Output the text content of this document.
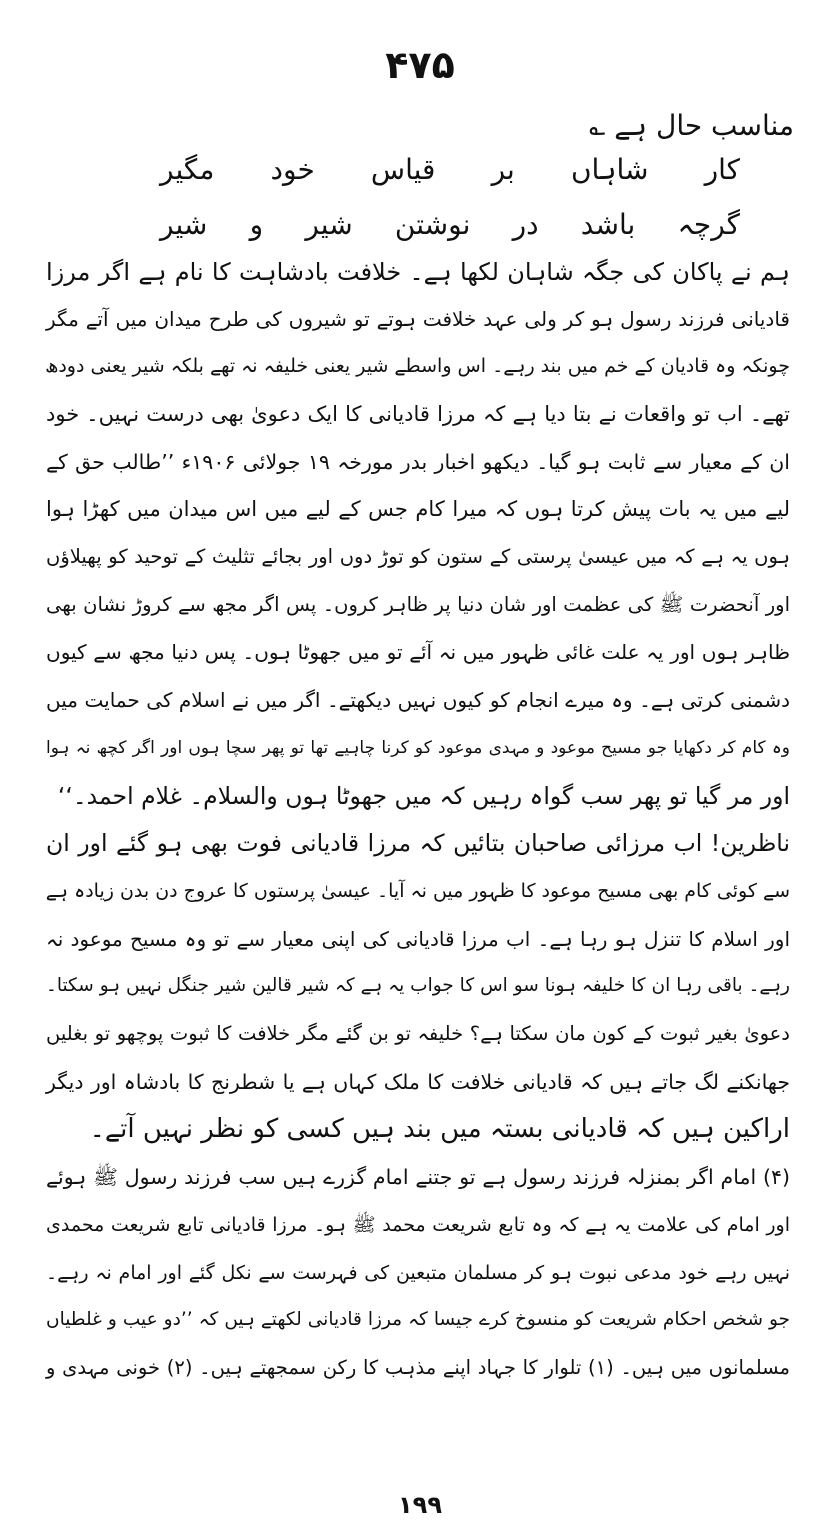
۴۷۵
مناسب حال ہے ؎
کار شاہاں بر قیاس خود مگیر
گرچہ باشد در نوشتن شیر و شیر
ہم نے پاکان کی جگہ شاہان لکھا ہے۔ خلافت بادشاہت کا نام ہے اگر مرزا
قادیانی فرزند رسول ہو کر ولی عہد خلافت ہوتے تو شیروں کی طرح میدان میں آتے مگر
چونکہ وہ قادیان کے خم میں بند رہے۔ اس واسطے شیر یعنی خلیفہ نہ تھے بلکہ شیر یعنی دودھ
تھے۔ اب تو واقعات نے بتا دیا ہے کہ مرزا قادیانی کا ایک دعویٰ بھی درست نہیں۔ خود
ان کے معیار سے ثابت ہو گیا۔ دیکھو اخبار بدر مورخہ ۱۹ جولائی ۱۹۰۶ء ’’طالب حق کے
لیے میں یہ بات پیش کرتا ہوں کہ میرا کام جس کے لیے میں اس میدان میں کھڑا ہوا
ہوں یہ ہے کہ میں عیسیٰ پرستی کے ستون کو توڑ دوں اور بجائے تثلیث کے توحید کو پھیلاؤں
اور آنحضرت ﷺ کی عظمت اور شان دنیا پر ظاہر کروں۔ پس اگر مجھ سے کروڑ نشان بھی
ظاہر ہوں اور یہ علت غائی ظہور میں نہ آئے تو میں جھوٹا ہوں۔ پس دنیا مجھ سے کیوں
دشمنی کرتی ہے۔ وہ میرے انجام کو کیوں نہیں دیکھتے۔ اگر میں نے اسلام کی حمایت میں
وہ کام کر دکھایا جو مسیح موعود و مہدی موعود کو کرنا چاہیے تھا تو پھر سچا ہوں اور اگر کچھ نہ ہوا
اور مر گیا تو پھر سب گواہ رہیں کہ میں جھوٹا ہوں والسلام۔ غلام احمد۔‘‘
ناظرین! اب مرزائی صاحبان بتائیں کہ مرزا قادیانی فوت بھی ہو گئے اور ان
سے کوئی کام بھی مسیح موعود کا ظہور میں نہ آیا۔ عیسیٰ پرستوں کا عروج دن بدن زیادہ ہے
اور اسلام کا تنزل ہو رہا ہے۔ اب مرزا قادیانی کی اپنی معیار سے تو وہ مسیح موعود نہ
رہے۔ باقی رہا ان کا خلیفہ ہونا سو اس کا جواب یہ ہے کہ شیر قالین شیر جنگل نہیں ہو سکتا۔
دعویٰ بغیر ثبوت کے کون مان سکتا ہے؟ خلیفہ تو بن گئے مگر خلافت کا ثبوت پوچھو تو بغلیں
جھانکنے لگ جاتے ہیں کہ قادیانی خلافت کا ملک کہاں ہے یا شطرنج کا بادشاہ اور دیگر
اراکین ہیں کہ قادیانی بستہ میں بند ہیں کسی کو نظر نہیں آتے۔
(۴) امام اگر بمنزلہ فرزند رسول ہے تو جتنے امام گزرے ہیں سب فرزند رسول ﷺ ہوئے
اور امام کی علامت یہ ہے کہ وہ تابع شریعت محمد ﷺ ہو۔ مرزا قادیانی تابع شریعت محمدی
نہیں رہے خود مدعی نبوت ہو کر مسلمان متبعین کی فہرست سے نکل گئے اور امام نہ رہے۔
جو شخص احکام شریعت کو منسوخ کرے جیسا کہ مرزا قادیانی لکھتے ہیں کہ ’’دو عیب و غلطیاں
مسلمانوں میں ہیں۔ (۱) تلوار کا جہاد اپنے مذہب کا رکن سمجھتے ہیں۔ (۲) خونی مہدی و
۱۹۹
